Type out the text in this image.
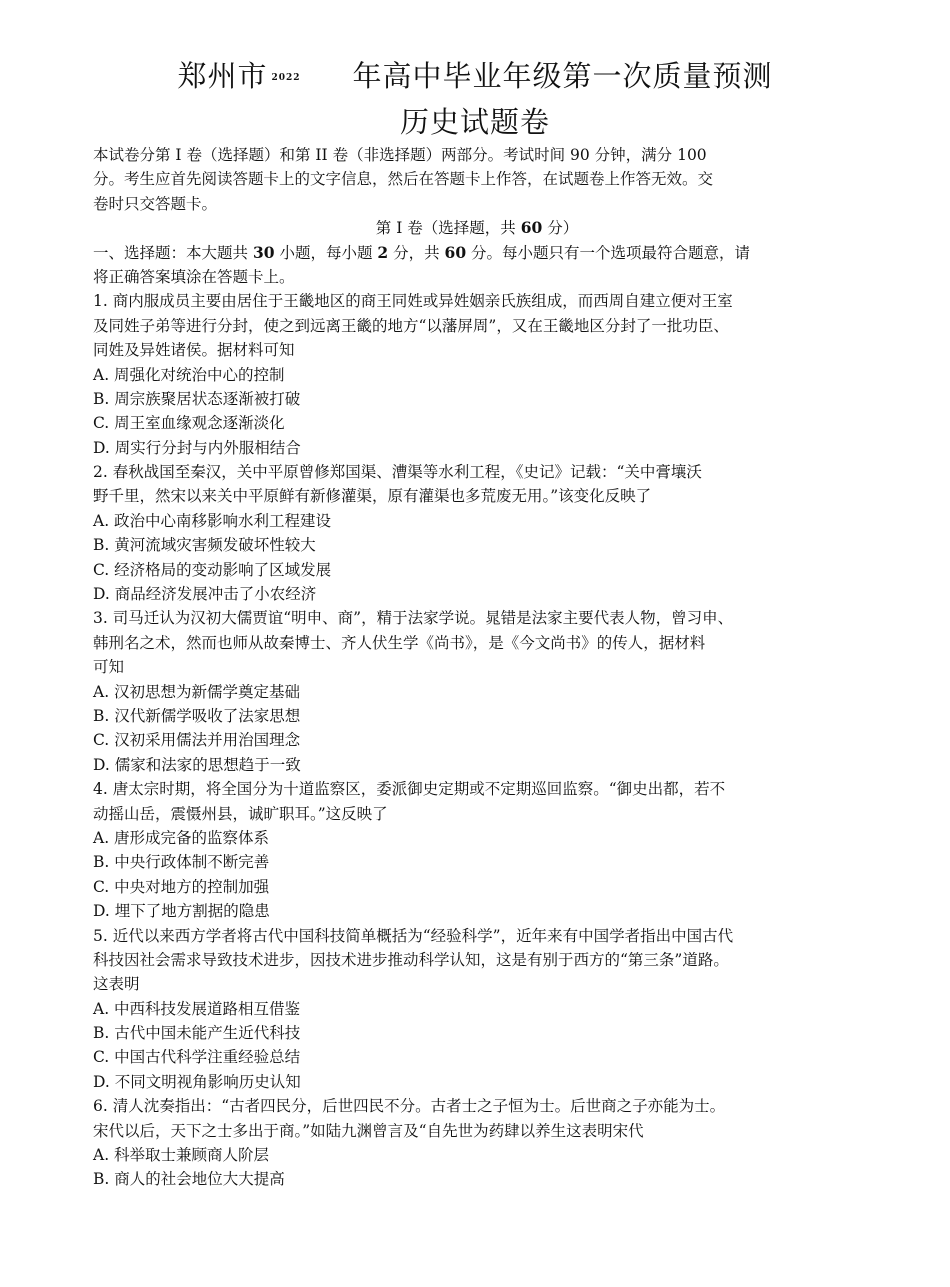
郑州市 2022 年高中毕业年级第一次质量预测
历史试题卷
本试卷分第 I 卷（选择题）和第 II 卷（非选择题）两部分。考试时间 90 分钟，满分 100
分。考生应首先阅读答题卡上的文字信息，然后在答题卡上作答，在试题卷上作答无效。交
卷时只交答题卡。
第 I 卷（选择题，共 60 分）
一、选择题：本大题共 30 小题，每小题 2 分，共 60 分。每小题只有一个选项最符合题意，请
将正确答案填涂在答题卡上。
1. 商内服成员主要由居住于王畿地区的商王同姓或异姓姻亲氏族组成，而西周自建立便对王室
及同姓子弟等进行分封，使之到远离王畿的地方“以藩屏周”，又在王畿地区分封了一批功臣、
同姓及异姓诸侯。据材料可知
A. 周强化对统治中心的控制
B. 周宗族聚居状态逐渐被打破
C. 周王室血缘观念逐渐淡化
D. 周实行分封与内外服相结合
2. 春秋战国至秦汉，关中平原曾修郑国渠、漕渠等水利工程，《史记》记载：“关中膏壤沃
野千里，然宋以来关中平原鲜有新修灌渠，原有灌渠也多荒废无用。”该变化反映了
A. 政治中心南移影响水利工程建设
B. 黄河流域灾害频发破坏性较大
C. 经济格局的变动影响了区域发展
D. 商品经济发展冲击了小农经济
3. 司马迁认为汉初大儒贾谊“明申、商”，精于法家学说。晁错是法家主要代表人物，曾习申、
韩刑名之术，然而也师从故秦博士、齐人伏生学《尚书》，是《今文尚书》的传人，据材料
可知
A. 汉初思想为新儒学奠定基础
B. 汉代新儒学吸收了法家思想
C. 汉初采用儒法并用治国理念
D. 儒家和法家的思想趋于一致
4. 唐太宗时期，将全国分为十道监察区，委派御史定期或不定期巡回监察。“御史出都，若不
动摇山岳，震慑州县，诚旷职耳。”这反映了
A. 唐形成完备的监察体系
B. 中央行政体制不断完善
C. 中央对地方的控制加强
D. 埋下了地方割据的隐患
5. 近代以来西方学者将古代中国科技简单概括为“经验科学”，近年来有中国学者指出中国古代
科技因社会需求导致技术进步，因技术进步推动科学认知，这是有别于西方的“第三条”道路。
这表明
A. 中西科技发展道路相互借鉴
B. 古代中国未能产生近代科技
C. 中国古代科学注重经验总结
D. 不同文明视角影响历史认知
6. 清人沈奏指出：“古者四民分，后世四民不分。古者士之子恒为士。后世商之子亦能为士。
宋代以后，天下之士多出于商。”如陆九渊曾言及“自先世为药肆以养生这表明宋代
A. 科举取士兼顾商人阶层
B. 商人的社会地位大大提高
